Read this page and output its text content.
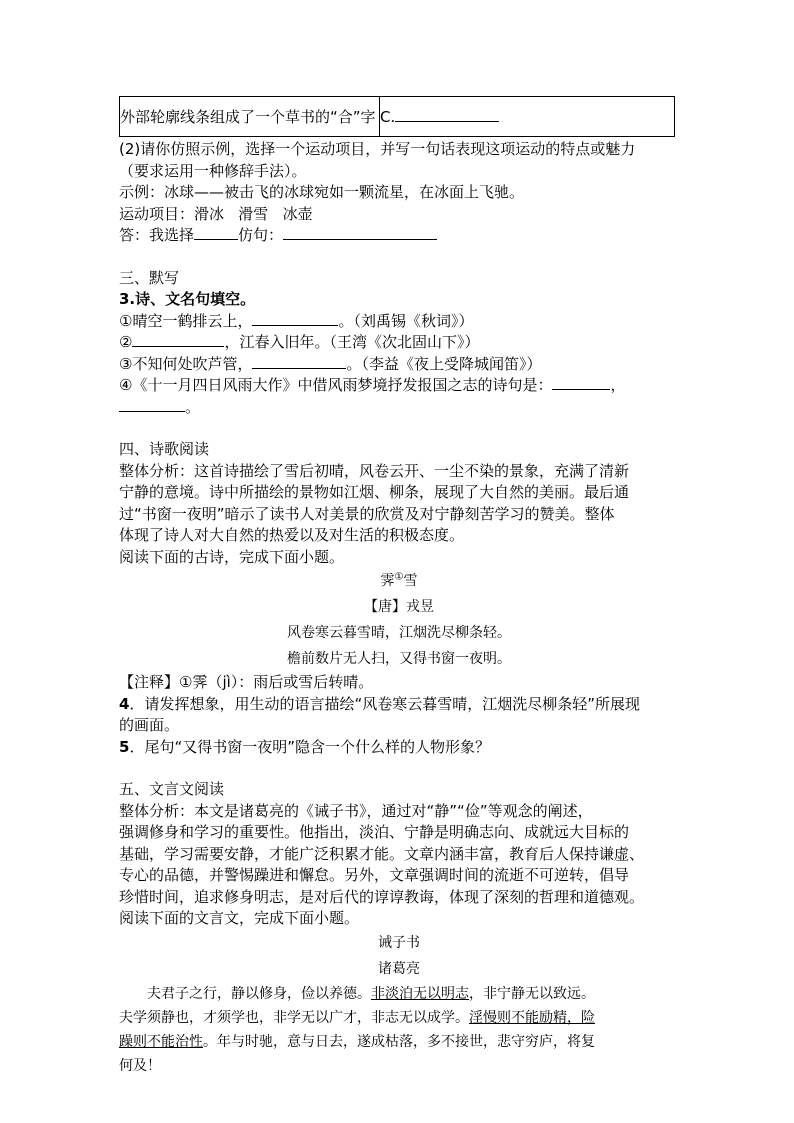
外部轮廓线条组成了一个草书的“合”字	C.
(2)请你仿照示例，选择一个运动项目，并写一句话表现这项运动的特点或魅力
（要求运用一种修辞手法）。
示例：冰球——被击飞的冰球宛如一颗流星，在冰面上飞驰。
运动项目：滑冰   滑雪   冰壶
答：我选择	仿句：
三、默写
3.诗、文名句填空。
①晴空一鹤排云上，	。（刘禹锡《秋词》）
②	，江春入旧年。（王湾《次北固山下》）
③不知何处吹芦管，	。（李益《夜上受降城闻笛》）
④《十一月四日风雨大作》中借风雨梦境抒发报国之志的诗句是：	，
。
四、诗歌阅读
整体分析：这首诗描绘了雪后初晴，风卷云开、一尘不染的景象，充满了清新
宁静的意境。诗中所描绘的景物如江烟、柳条，展现了大自然的美丽。最后通
过“书窗一夜明”暗示了读书人对美景的欣赏及对宁静刻苦学习的赞美。整体
体现了诗人对大自然的热爱以及对生活的积极态度。
阅读下面的古诗，完成下面小题。
霁①雪
【唐】戎昱
风卷寒云暮雪晴，江烟洗尽柳条轻。
檐前数片无人扫，又得书窗一夜明。
【注释】①霁（jì）：雨后或雪后转晴。
4．请发挥想象，用生动的语言描绘“风卷寒云暮雪晴，江烟洗尽柳条轻”所展现
的画面。
5．尾句“又得书窗一夜明”隐含一个什么样的人物形象？
五、文言文阅读
整体分析：本文是诸葛亮的《诫子书》，通过对“静”“俭”等观念的阐述，
强调修身和学习的重要性。他指出，淡泊、宁静是明确志向、成就远大目标的
基础，学习需要安静，才能广泛积累才能。文章内涵丰富，教育后人保持谦虚、
专心的品德，并警惕躁进和懈怠。另外，文章强调时间的流逝不可逆转，倡导
珍惜时间，追求修身明志，是对后代的谆谆教诲，体现了深刻的哲理和道德观。
阅读下面的文言文，完成下面小题。
诫子书
诸葛亮

夫君子之行，静以修身，俭以养德。非淡泊无以明志，非宁静无以致远。

夫学须静也，才须学也，非学无以广才，非志无以成学。淫慢则不能励精，险

躁则不能治性。年与时驰，意与日去，遂成枯落，多不接世，悲守穷庐，将复

何及！
